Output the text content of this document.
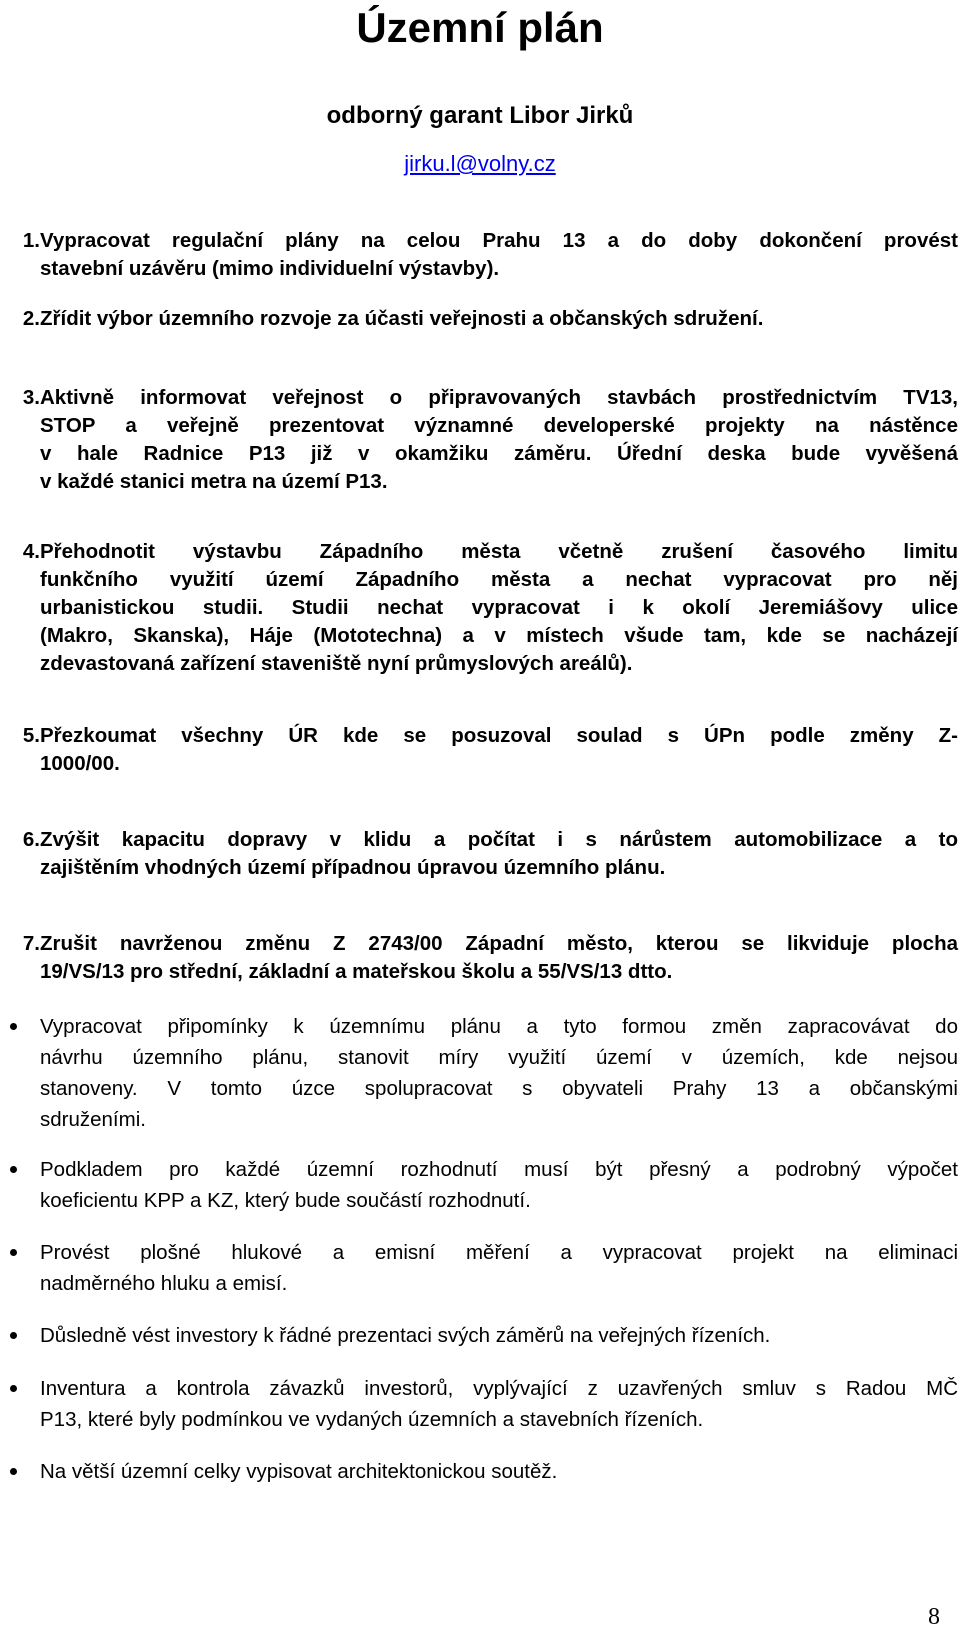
Územní plán
odborný garant Libor Jirků
jirku.l@volny.cz
1. Vypracovat regulační plány na celou Prahu 13 a do doby dokončení provést
stavební uzávěru (mimo individuelní výstavby).
2. Zřídit výbor územního rozvoje za účasti veřejnosti a občanských sdružení.
3. Aktivně informovat veřejnost o připravovaných stavbách prostřednictvím TV13,
STOP a veřejně prezentovat významné developerské projekty na nástěnce
v hale Radnice P13 již v okamžiku záměru. Úřední deska bude vyvěšená
v každé stanici metra na území P13.
4. Přehodnotit výstavbu Západního města včetně zrušení časového limitu
funkčního využití území Západního města a nechat vypracovat pro něj
urbanistickou studii. Studii nechat vypracovat i k okolí Jeremiášovy ulice
(Makro, Skanska), Háje (Mototechna) a v místech všude tam, kde se nacházejí
zdevastovaná zařízení staveniště nyní průmyslových areálů).
5. Přezkoumat všechny ÚR kde se posuzoval soulad s ÚPn podle změny Z-
1000/00.
6. Zvýšit kapacitu dopravy v klidu a počítat i s nárůstem automobilizace a to
zajištěním vhodných území případnou úpravou územního plánu.
7. Zrušit navrženou změnu Z 2743/00 Západní město, kterou se likviduje plocha
19/VS/13 pro střední, základní a mateřskou školu a 55/VS/13 dtto.
Vypracovat připomínky k územnímu plánu a tyto formou změn zapracovávat do
návrhu územního plánu, stanovit míry využití území v územích, kde nejsou
stanoveny. V tomto úzce spolupracovat s obyvateli Prahy 13 a občanskými
sdruženími.
Podkladem pro každé územní rozhodnutí musí být přesný a podrobný výpočet
koeficientu KPP a KZ, který bude součástí rozhodnutí.
Provést plošné hlukové a emisní měření a vypracovat projekt na eliminaci
nadměrného hluku a emisí.
Důsledně vést investory k řádné prezentaci svých záměrů na veřejných řízeních.
Inventura a kontrola závazků investorů, vyplývající z uzavřených smluv s Radou MČ
P13, které byly podmínkou ve vydaných územních a stavebních řízeních.
Na větší územní celky vypisovat architektonickou soutěž.
8
